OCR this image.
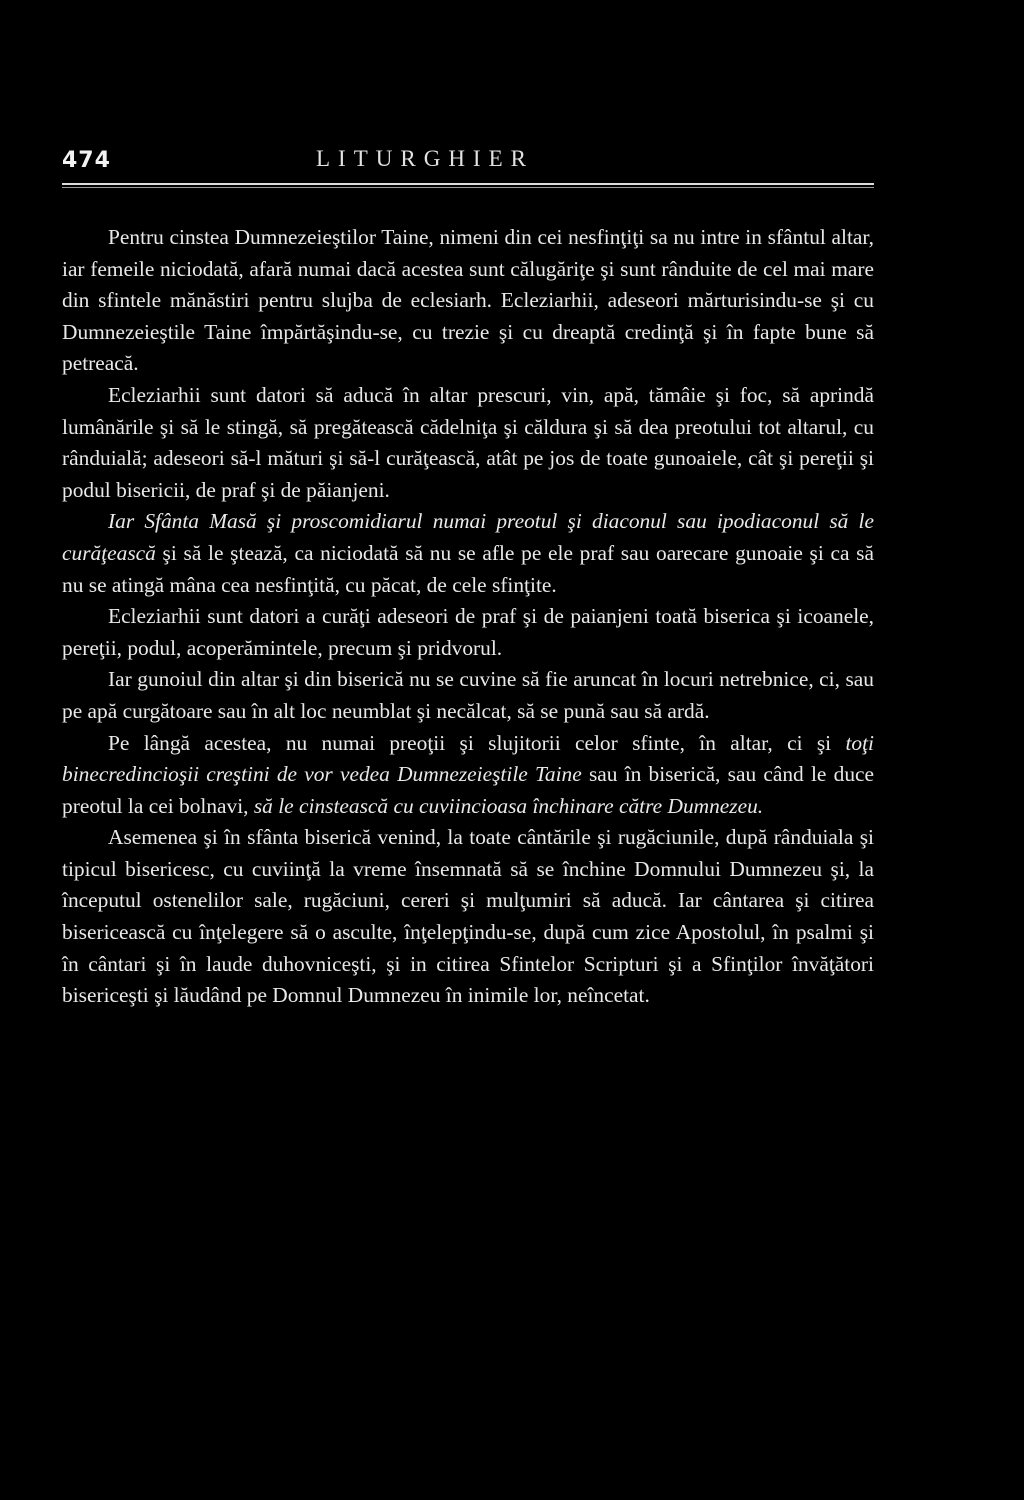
474	LITURGHIER

Pentru cinstea Dumnezeieştilor Taine, nimeni din cei nesfinţiţi sa nu intre in sfântul altar, iar femeile niciodată, afară numai dacă acestea sunt călugăriţe şi sunt rânduite de cel mai mare din sfintele mănăstiri pentru slujba de eclesiarh. Ecleziarhii, adeseori mărturisindu-se şi cu Dumnezeieştile Taine împărtăşindu-se, cu trezie şi cu dreaptă credinţă şi în fapte bune să petreacă.

Ecleziarhii sunt datori să aducă în altar prescuri, vin, apă, tămâie şi foc, să aprindă lumânările şi să le stingă, să pregătească cădelniţa şi căldura şi să dea preotului tot altarul, cu rânduială; adeseori să-l mături şi să-l curăţească, atât pe jos de toate gunoaiele, cât şi pereţii şi podul bisericii, de praf şi de păianjeni.

Iar Sfânta Masă şi proscomidiarul numai preotul şi diaconul sau ipodiaconul să le curăţească şi să le ştează, ca niciodată să nu se afle pe ele praf sau oarecare gunoaie şi ca să nu se atingă mâna cea nesfinţită, cu păcat, de cele sfinţite.

Ecleziarhii sunt datori a curăţi adeseori de praf şi de paianjeni toată biserica şi icoanele, pereţii, podul, acoperămintele, precum şi pridvorul.

Iar gunoiul din altar şi din biserică nu se cuvine să fie aruncat în locuri netrebnice, ci, sau pe apă curgătoare sau în alt loc neumblat şi necălcat, să se pună sau să ardă.

Pe lângă acestea, nu numai preoţii şi slujitorii celor sfinte, în altar, ci şi toţi binecredincioşii creştini de vor vedea Dumnezeieştile Taine sau în biserică, sau când le duce preotul la cei bolnavi, să le cinstească cu cuviincioasa închinare către Dumnezeu.

Asemenea şi în sfânta biserică venind, la toate cântările şi rugăciunile, după rânduiala şi tipicul bisericesc, cu cuviinţă la vreme însemnată să se închine Domnului Dumnezeu şi, la începutul ostenelilor sale, rugăciuni, cereri şi mulţumiri să aducă. Iar cântarea şi citirea bisericească cu înţelegere să o asculte, înţelepţindu-se, după cum zice Apostolul, în psalmi şi în cântari şi în laude duhovniceşti, şi in citirea Sfintelor Scripturi şi a Sfinţilor învăţători bisericeşti şi lăudând pe Domnul Dumnezeu în inimile lor, neîncetat.
